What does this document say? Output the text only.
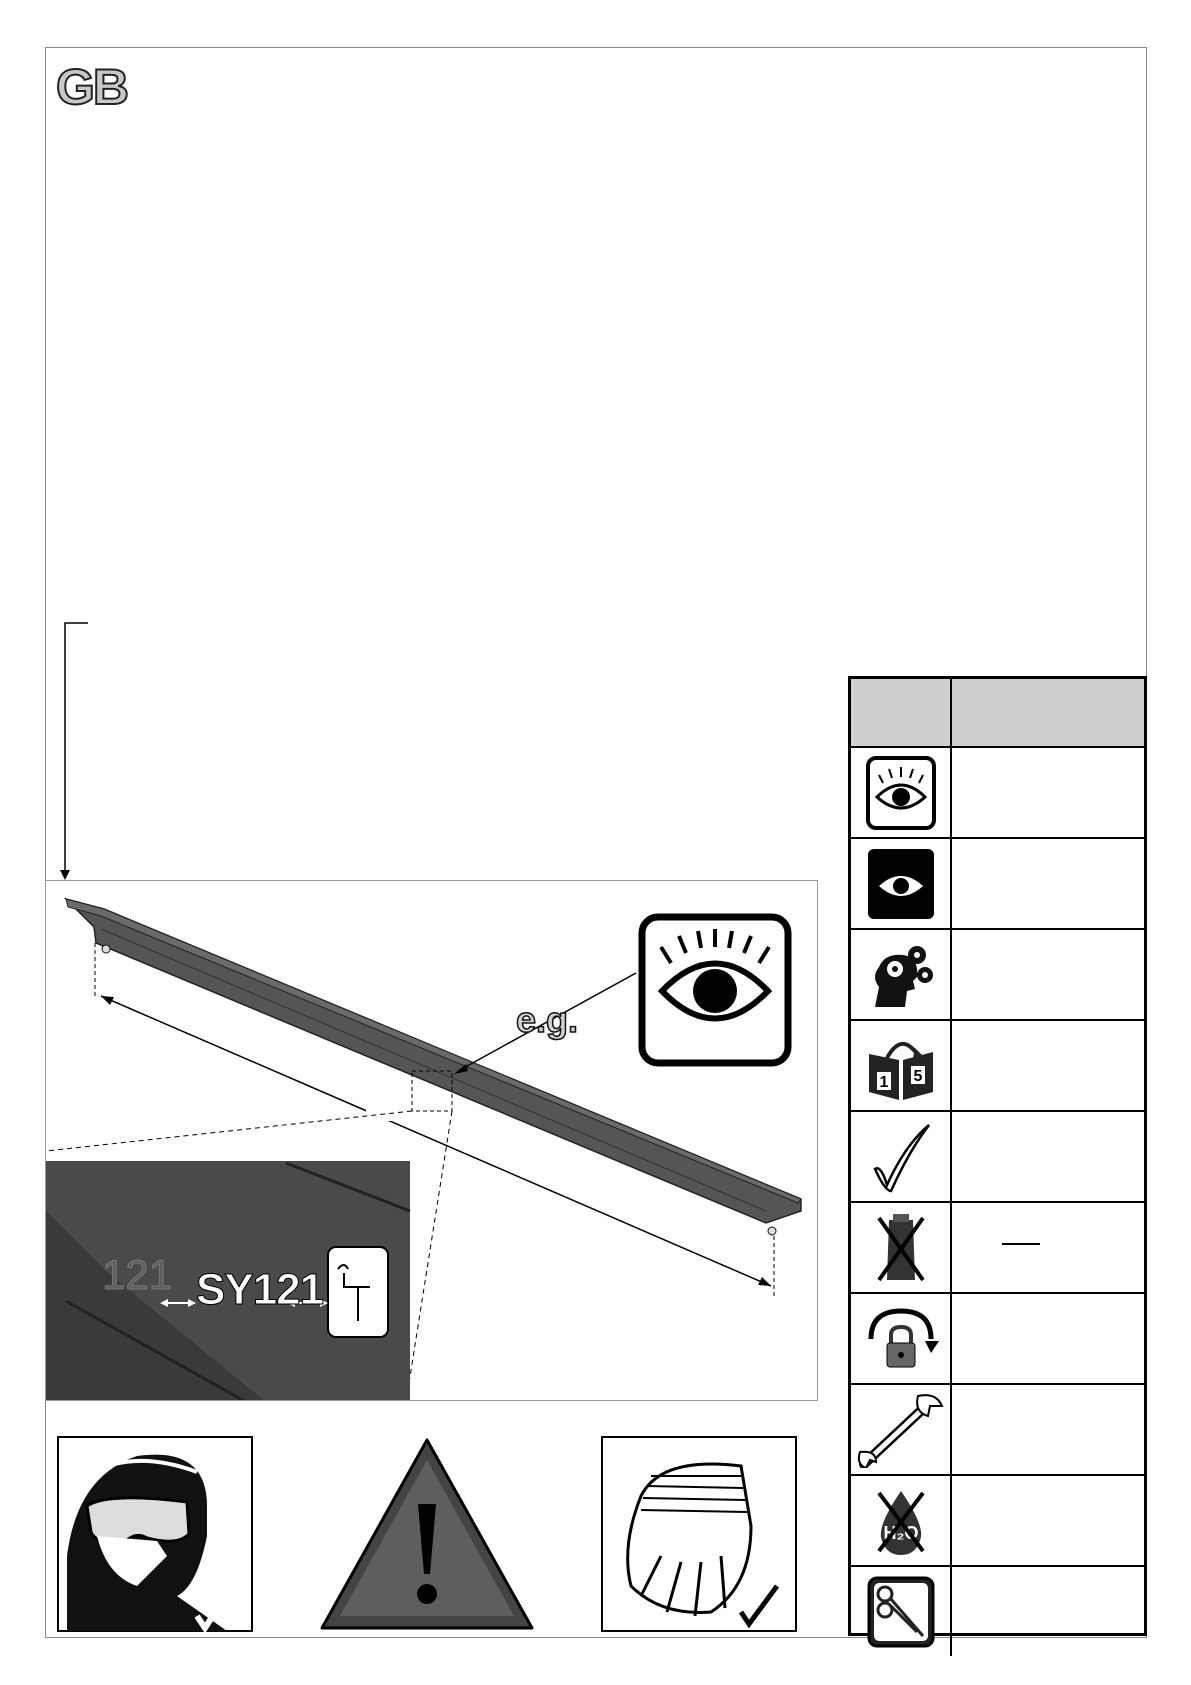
GB
e.g.
121 SY121
1 5
H₂O
